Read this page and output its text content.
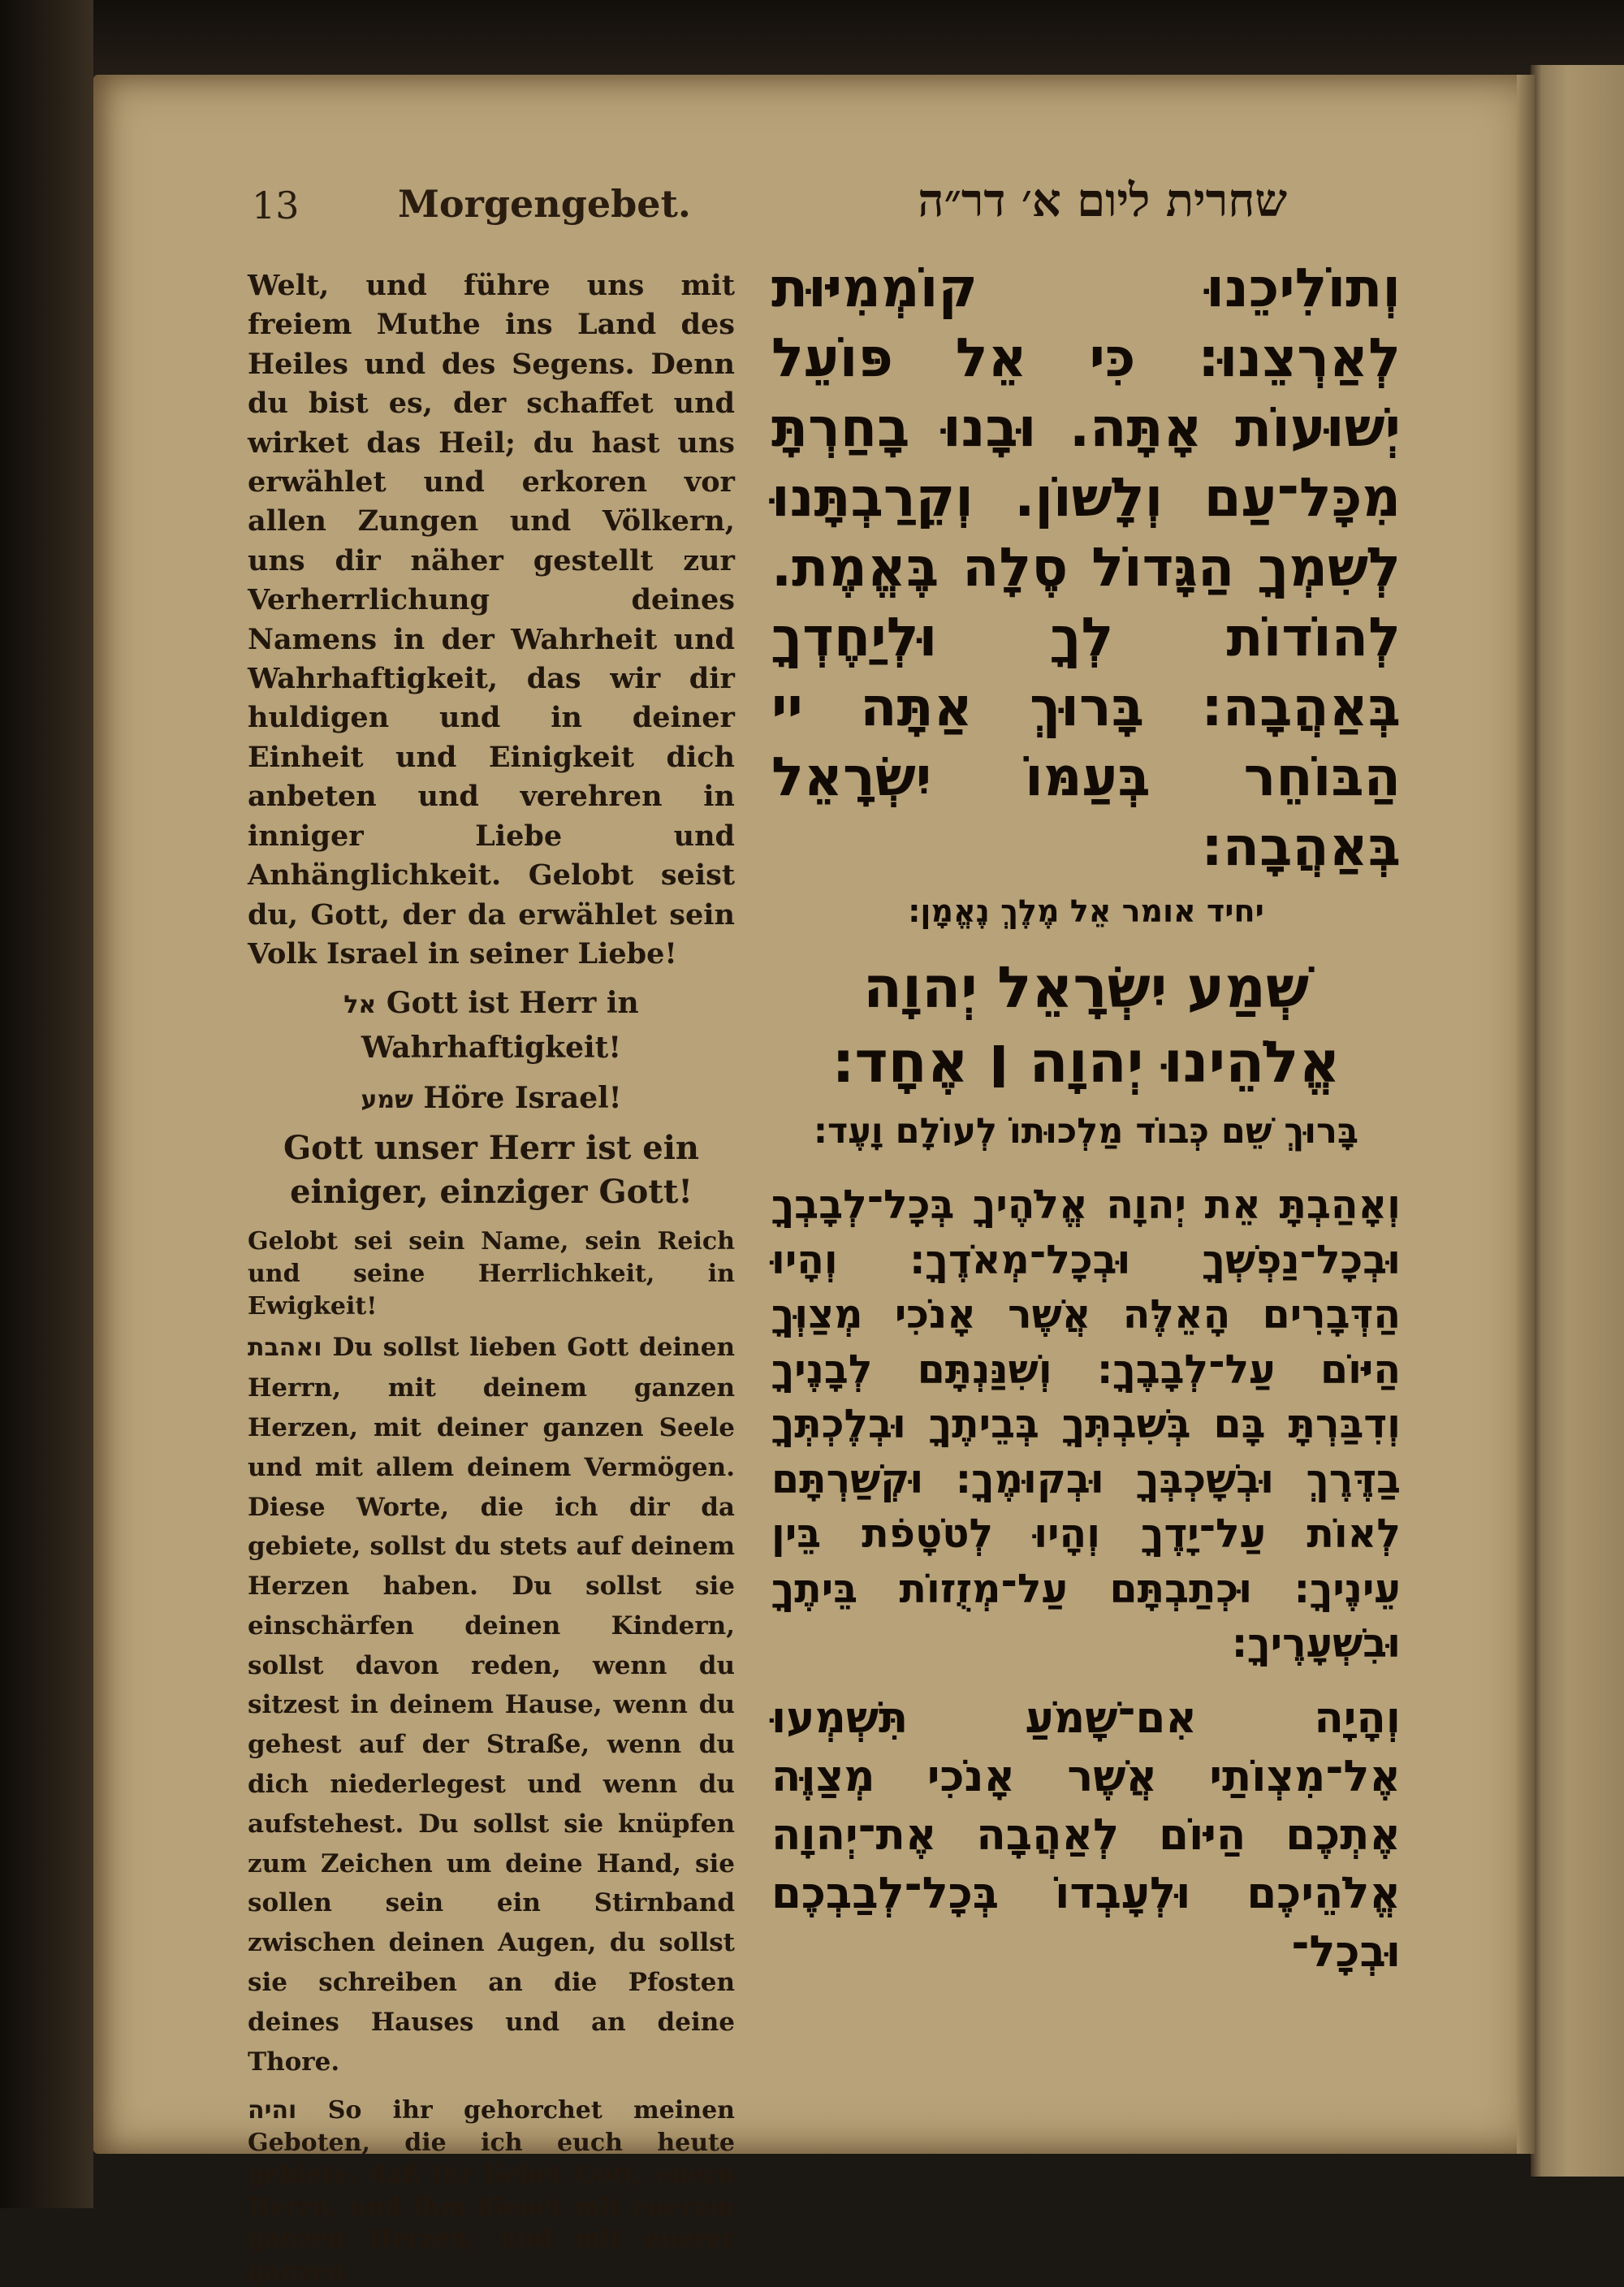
13	Morgengebet.	שחרית ליום א׳ דר״ה

Welt, und führe uns mit freiem Muthe ins Land des Heiles und des Segens. Denn du bist es, der schaffet und wirket das Heil; du hast uns erwählet und erkoren vor allen Zungen und Völkern, uns dir näher gestellt zur Verherrlichung deines Namens in der Wahrheit und Wahrhaftigkeit, das wir dir huldigen und in deiner Einheit und Einigkeit dich anbeten und verehren in inniger Liebe und Anhänglichkeit. Gelobt seist du, Gott, der da erwählet sein Volk Israel in seiner Liebe!

אל Gott ist Herr in Wahrhaftigkeit!

שמע Höre Israel!

Gott unser Herr ist ein einiger, einziger Gott!

Gelobt sei sein Name, sein Reich und seine Herrlichkeit, in Ewigkeit!

ואהבת Du sollst lieben Gott deinen Herrn, mit deinem ganzen Herzen, mit deiner ganzen Seele und mit allem deinem Vermögen. Diese Worte, die ich dir da gebiete, sollst du stets auf deinem Herzen haben. Du sollst sie einschärfen deinen Kindern, sollst davon reden, wenn du sitzest in deinem Hause, wenn du gehest auf der Straße, wenn du dich niederlegest und wenn du aufstehest. Du sollst sie knüpfen zum Zeichen um deine Hand, sie sollen sein ein Stirnband zwischen deinen Augen, du sollst sie schreiben an die Pfosten deines Hauses und an deine Thore.

והיה So ihr gehorchet meinen Geboten, die ich euch heute gebiete, daß ihr liebet Gott, euern Herrn, und ihm dienet mit euerem ganzen Herzen, und mit euerer ganzen

וְתוֹלִיכֵנוּ קוֹמְמִיּוּת לְאַרְצֵנוּ: כִּי אֵל פּוֹעֵל יְשׁוּעוֹת אָתָּה. וּבָנוּ בָחַרְתָּ מִכָּל־עַם וְלָשׁוֹן. וְקֵרַבְתָּנוּ לְשִׁמְךָ הַגָּדוֹל סֶלָה בֶּאֱמֶת. לְהוֹדוֹת לְךָ וּלְיַחֶדְךָ בְּאַהֲבָה: בָּרוּךְ אַתָּה יי הַבּוֹחֵר בְּעַמּוֹ יִשְׂרָאֵל בְּאַהֲבָה:

יחיד אומר אֵל מֶלֶךְ נֶאֱמָן:

שְׁמַע יִשְׂרָאֵל יְהוָה אֱלֹהֵינוּ יְהוָה ׀ אֶחָד:

בָּרוּךְ שֵׁם כְּבוֹד מַלְכוּתוֹ לְעוֹלָם וָעֶד:

וְאָהַבְתָּ אֵת יְהוָה אֱלֹהֶיךָ בְּכָל־לְבָבְךָ וּבְכָל־נַפְשְׁךָ וּבְכָל־מְאֹדֶךָ: וְהָיוּ הַדְּבָרִים הָאֵלֶּה אֲשֶׁר אָנֹכִי מְצַוְּךָ הַיּוֹם עַל־לְבָבֶךָ: וְשִׁנַּנְתָּם לְבָנֶיךָ וְדִבַּרְתָּ בָּם בְּשִׁבְתְּךָ בְּבֵיתֶךָ וּבְלֶכְתְּךָ בַדֶּרֶךְ וּבְשָׁכְבְּךָ וּבְקוּמֶךָ: וּקְשַׁרְתָּם לְאוֹת עַל־יָדֶךָ וְהָיוּ לְטֹטָפֹת בֵּין עֵינֶיךָ: וּכְתַבְתָּם עַל־מְזֻזוֹת בֵּיתֶךָ וּבִשְׁעָרֶיךָ:

וְהָיָה אִם־שָׁמֹעַ תִּשְׁמְעוּ אֶל־מִצְוֹתַי אֲשֶׁר אָנֹכִי מְצַוֶּה אֶתְכֶם הַיּוֹם לְאַהֲבָה אֶת־יְהוָה אֱלֹהֵיכֶם וּלְעָבְדוֹ בְּכָל־לְבַבְכֶם וּבְכָל־
